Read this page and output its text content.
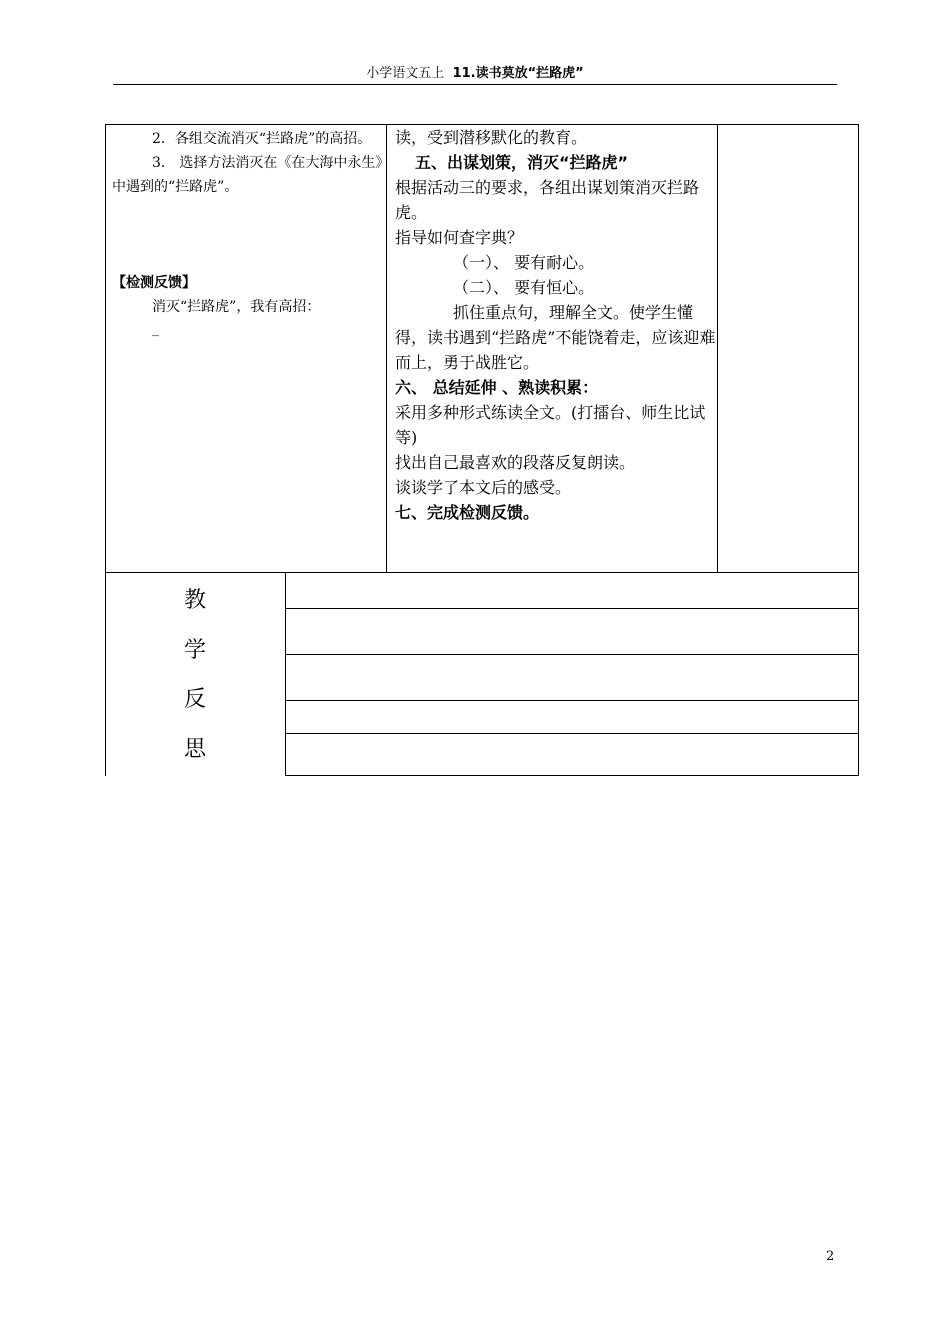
小学语文五上 11.读书莫放“拦路虎”

2．各组交流消灭“拦路虎”的高招。

3． 选择方法消灭在《在大海中永生》中遇到的“拦路虎”。

【检测反馈】

消灭“拦路虎”，我有高招：

_

读，受到潜移默化的教育。

五、出谋划策，消灭“拦路虎”

根据活动三的要求，各组出谋划策消灭拦路虎。

指导如何查字典？

（一）、 要有耐心。

（二）、 要有恒心。

抓住重点句，理解全文。使学生懂得，读书遇到“拦路虎”不能饶着走，应该迎难而上，勇于战胜它。

六、 总结延伸 、熟读积累：

采用多种形式练读全文。(打擂台、师生比试等)

找出自己最喜欢的段落反复朗读。

谈谈学了本文后的感受。

七、完成检测反馈。

教
学
反
思
2
